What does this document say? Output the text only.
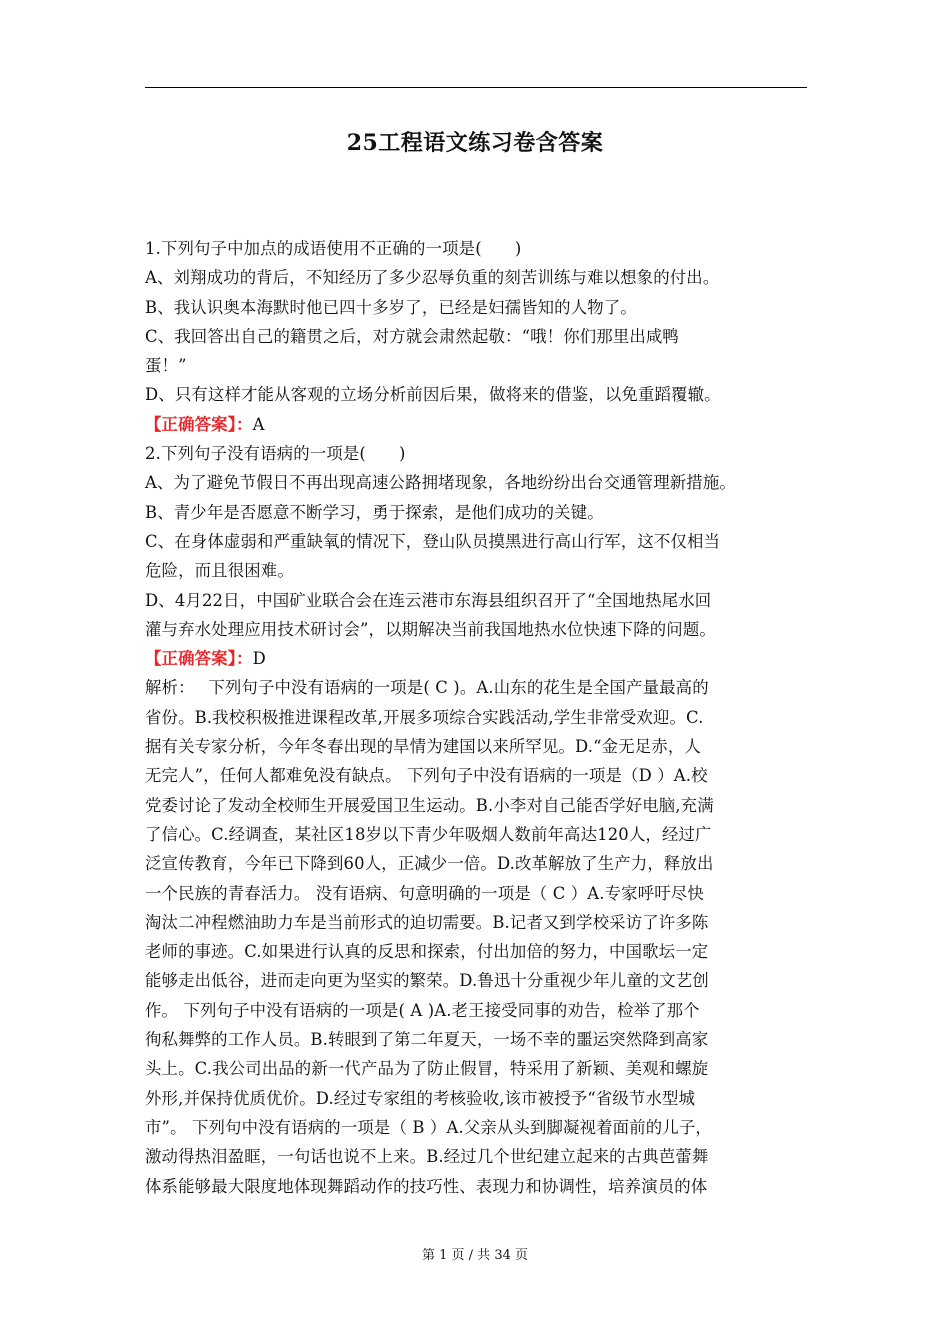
25工程语文练习卷含答案
1.下列句子中加点的成语使用不正确的一项是(　　)
A、刘翔成功的背后，不知经历了多少忍辱负重的刻苦训练与难以想象的付出。
B、我认识奥本海默时他已四十多岁了，已经是妇孺皆知的人物了。
C、我回答出自己的籍贯之后，对方就会肃然起敬：“哦！你们那里出咸鸭
蛋！”
D、只有这样才能从客观的立场分析前因后果，做将来的借鉴，以免重蹈覆辙。
【正确答案】：A
2.下列句子没有语病的一项是(　　)
A、为了避免节假日不再出现高速公路拥堵现象，各地纷纷出台交通管理新措施。
B、青少年是否愿意不断学习，勇于探索，是他们成功的关键。
C、在身体虚弱和严重缺氧的情况下，登山队员摸黑进行高山行军，这不仅相当
危险，而且很困难。
D、4月22日，中国矿业联合会在连云港市东海县组织召开了“全国地热尾水回
灌与弃水处理应用技术研讨会”，以期解决当前我国地热水位快速下降的问题。
【正确答案】：D
解析：　 下列句子中没有语病的一项是( C )。A.山东的花生是全国产量最高的
省份。B.我校积极推进课程改革,开展多项综合实践活动,学生非常受欢迎。C.
据有关专家分析，今年冬春出现的旱情为建国以来所罕见。D.“金无足赤，人
无完人”，任何人都难免没有缺点。 下列句子中没有语病的一项是（D ）A.校
党委讨论了发动全校师生开展爱国卫生运动。B.小李对自己能否学好电脑,充满
了信心。C.经调查，某社区18岁以下青少年吸烟人数前年高达120人，经过广
泛宣传教育，今年已下降到60人，正减少一倍。D.改革解放了生产力，释放出
一个民族的青春活力。 没有语病、句意明确的一项是（ C ）A.专家呼吁尽快
淘汰二冲程燃油助力车是当前形式的迫切需要。B.记者又到学校采访了许多陈
老师的事迹。C.如果进行认真的反思和探索，付出加倍的努力，中国歌坛一定
能够走出低谷，进而走向更为坚实的繁荣。D.鲁迅十分重视少年儿童的文艺创
作。 下列句子中没有语病的一项是( A )A.老王接受同事的劝告，检举了那个
徇私舞弊的工作人员。B.转眼到了第二年夏天，一场不幸的噩运突然降到高家
头上。C.我公司出品的新一代产品为了防止假冒，特采用了新颖、美观和螺旋
外形,并保持优质优价。D.经过专家组的考核验收,该市被授予“省级节水型城
市”。 下列句中没有语病的一项是（ B ）A.父亲从头到脚凝视着面前的儿子，
激动得热泪盈眶，一句话也说不上来。B.经过几个世纪建立起来的古典芭蕾舞
体系能够最大限度地体现舞蹈动作的技巧性、表现力和协调性，培养演员的体
第 1 页 / 共 34 页
